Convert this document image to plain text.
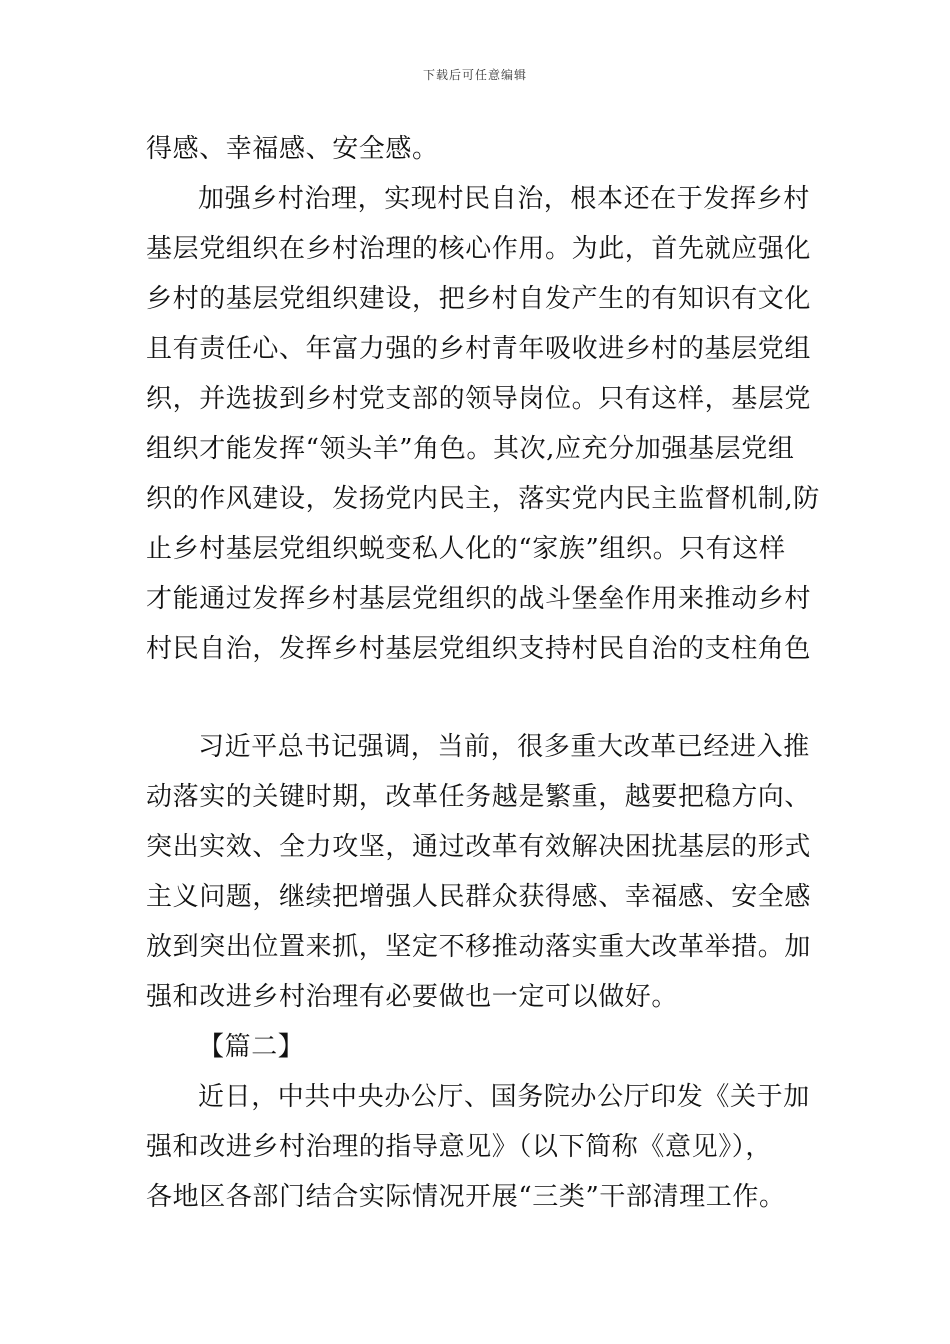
下载后可任意编辑
得感、幸福感、安全感。
加强乡村治理，实现村民自治，根本还在于发挥乡村
基层党组织在乡村治理的核心作用。为此，首先就应强化
乡村的基层党组织建设，把乡村自发产生的有知识有文化
且有责任心、年富力强的乡村青年吸收进乡村的基层党组
织，并选拔到乡村党支部的领导岗位。只有这样，基层党
组织才能发挥“领头羊”角色。其次,应充分加强基层党组
织的作风建设，发扬党内民主，落实党内民主监督机制,防
止乡村基层党组织蜕变私人化的“家族”组织。只有这样
才能通过发挥乡村基层党组织的战斗堡垒作用来推动乡村
村民自治，发挥乡村基层党组织支持村民自治的支柱角色
习近平总书记强调，当前，很多重大改革已经进入推
动落实的关键时期，改革任务越是繁重，越要把稳方向、
突出实效、全力攻坚，通过改革有效解决困扰基层的形式
主义问题，继续把增强人民群众获得感、幸福感、安全感
放到突出位置来抓，坚定不移推动落实重大改革举措。加
强和改进乡村治理有必要做也一定可以做好。
【篇二】
近日，中共中央办公厅、国务院办公厅印发《关于加
强和改进乡村治理的指导意见》（以下简称《意见》），
各地区各部门结合实际情况开展“三类”干部清理工作。
